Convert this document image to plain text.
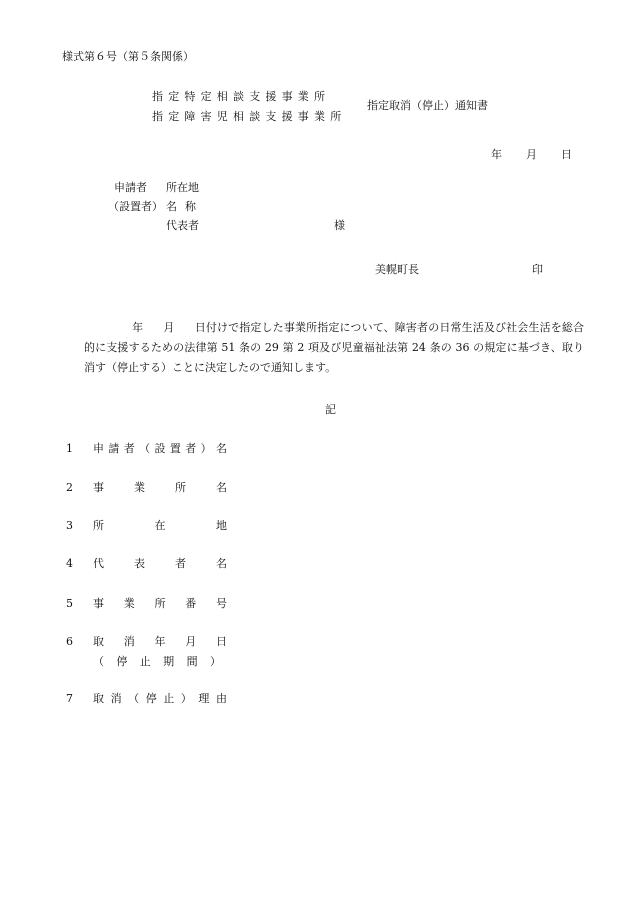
様式第６号（第５条関係）
指定特定相談支援事業所
指定障害児相談支援事業所
指定取消（停止）通知書
年 月 日
申請者 所在地
（設置者） 名称
代表者	様
美幌町長	印
年 月 日付けで指定した事業所指定について、障害者の日常生活及び社会生活を総合的に支援するための法律第 51 条の 29 第 2 項及び児童福祉法第 24 条の 36 の規定に基づき、取り消す（停止する）ことに決定したので通知します。
記
1 申 請 者 （ 設 置 者 ） 名
2 事	業	所	名
3 所	在	地
4 代	表	者	名
5 事 業 所 番 号
6 取 消 年 月 日
（ 停 止 期 間 ）
7 取 消 （ 停 止 ） 理 由
